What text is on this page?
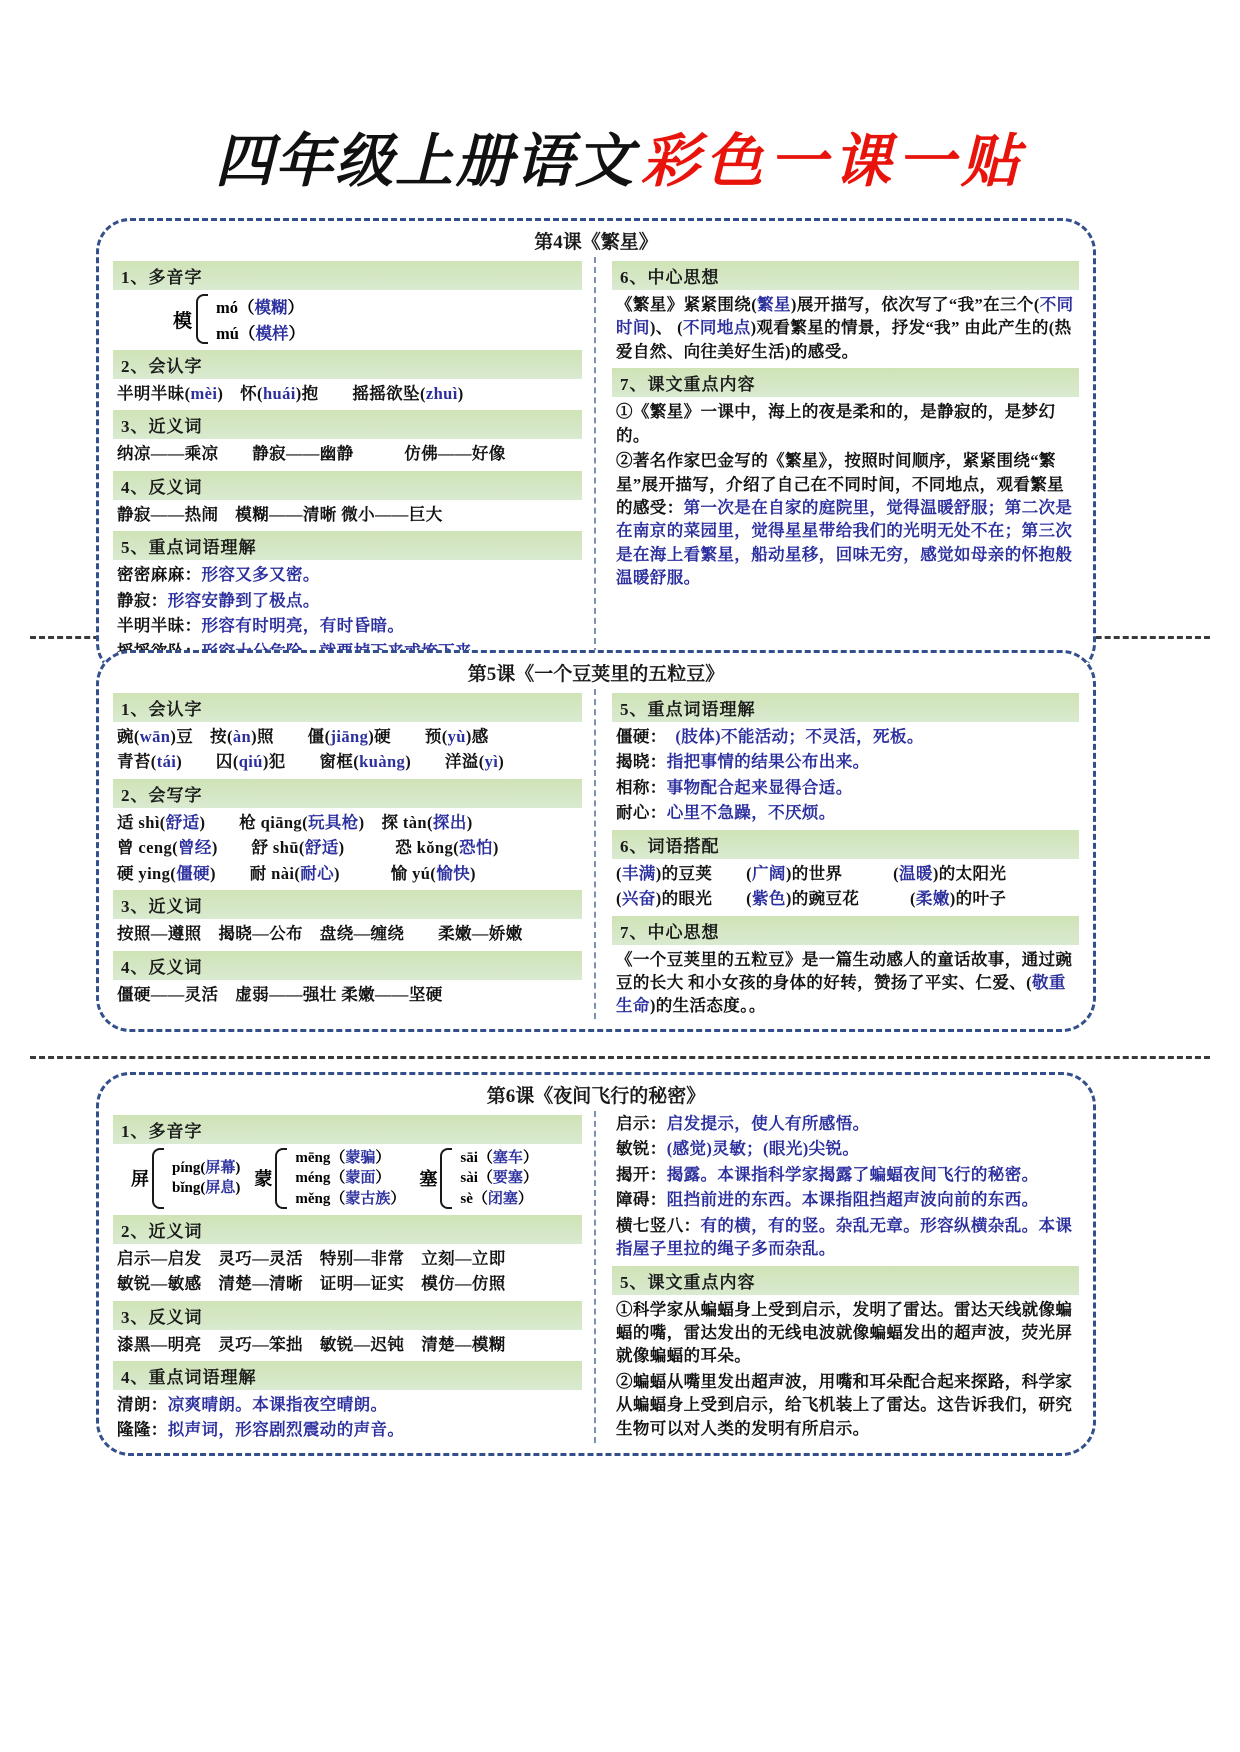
四年级上册语文 彩色一课一贴
第4课《繁星》
1、多音字
模
mó（模糊）
mú（模样）
2、会认字
半明半昧(mèi)　怀(huái)抱　　摇摇欲坠(zhuì)
3、近义词
纳凉——乘凉　　静寂——幽静　　　仿佛——好像
4、反义词
静寂——热闹　模糊——清晰 微小——巨大
5、重点词语理解
密密麻麻：形容又多又密。
静寂：形容安静到了极点。
半明半昧：形容有时明亮，有时昏暗。
6、中心思想
《繁星》紧紧围绕(繁星)展开描写，依次写了“我”在三个(不同时间)、 (不同地点)观看繁星的情景，抒发“我” 由此产生的(热爱自然、向往美好生活)的感受。
7、课文重点内容
①《繁星》一课中，海上的夜是柔和的，是静寂的，是梦幻的。
②著名作家巴金写的《繁星》，按照时间顺序，紧紧围绕“繁星”展开描写，介绍了自己在不同时间，不同地点，观看繁星的感受：第一次是在自家的庭院里，觉得温暖舒服；第二次是在南京的菜园里，觉得星星带给我们的光明无处不在；第三次是在海上看繁星，船动星移，回味无穷，感觉如母亲的怀抱般温暖舒服。
第5课《一个豆荚里的五粒豆》
1、会认字
豌(wān)豆　按(àn)照　　僵(jiāng)硬　　预(yù)感
青苔(tái)　　囚(qiú)犯　　窗框(kuàng)　　洋溢(yì)
2、会写字
适 shì(舒适)　　枪 qiāng(玩具枪)　探 tàn(探出)
曾 ceng(曾经)　　舒 shū(舒适)　　　恐 kǒng(恐怕)
硬 ying(僵硬)　　耐 nài(耐心)　　　愉 yú(愉快)
3、近义词
按照—遵照　揭晓—公布　盘绕—缠绕　　柔嫩—娇嫩
4、反义词
僵硬——灵活　虚弱——强壮 柔嫩——坚硬
5、重点词语理解
僵硬：　(肢体)不能活动；不灵活，死板。
揭晓：指把事情的结果公布出来。
相称：事物配合起来显得合适。
耐心：心里不急躁，不厌烦。
6、词语搭配
(丰满)的豆荚　　(广阔)的世界　　　(温暖)的太阳光
(兴奋)的眼光　　(紫色)的豌豆花　　　(柔嫩)的叶子
7、中心思想
《一个豆荚里的五粒豆》是一篇生动感人的童话故事，通过豌豆的长大 和小女孩的身体的好转，赞扬了平实、仁爱、(敬重生命)的生活态度。。
第6课《夜间飞行的秘密》
1、多音字
屏
píng(屏幕)
bǐng(屏息) 蒙
mēng（蒙骗）
méng（蒙面）
měng（蒙古族）
塞
sāi（塞车）
sài（要塞）
sè（闭塞）
2、近义词
启示—启发　灵巧—灵活　特别—非常　立刻—立即
敏锐—敏感　清楚—清晰　证明—证实　模仿—仿照
3、反义词
漆黑—明亮　灵巧—笨拙　敏锐—迟钝　清楚—模糊
4、重点词语理解
清朗：凉爽晴朗。本课指夜空晴朗。
隆隆：拟声词，形容剧烈震动的声音。
启示：启发提示，使人有所感悟。
敏锐：(感觉)灵敏；(眼光)尖锐。
揭开：揭露。本课指科学家揭露了蝙蝠夜间飞行的秘密。
障碍：阻挡前进的东西。本课指阻挡超声波向前的东西。
横七竖八：有的横，有的竖。杂乱无章。形容纵横杂乱。本课指屋子里拉的绳子多而杂乱。
5、课文重点内容
①科学家从蝙蝠身上受到启示，发明了雷达。雷达天线就像蝙蝠的嘴，雷达发出的无线电波就像蝙蝠发出的超声波，荧光屏就像蝙蝠的耳朵。
②蝙蝠从嘴里发出超声波，用嘴和耳朵配合起来探路，科学家从蝙蝠身上受到启示，给飞机装上了雷达。这告诉我们，研究生物可以对人类的发明有所启示。
